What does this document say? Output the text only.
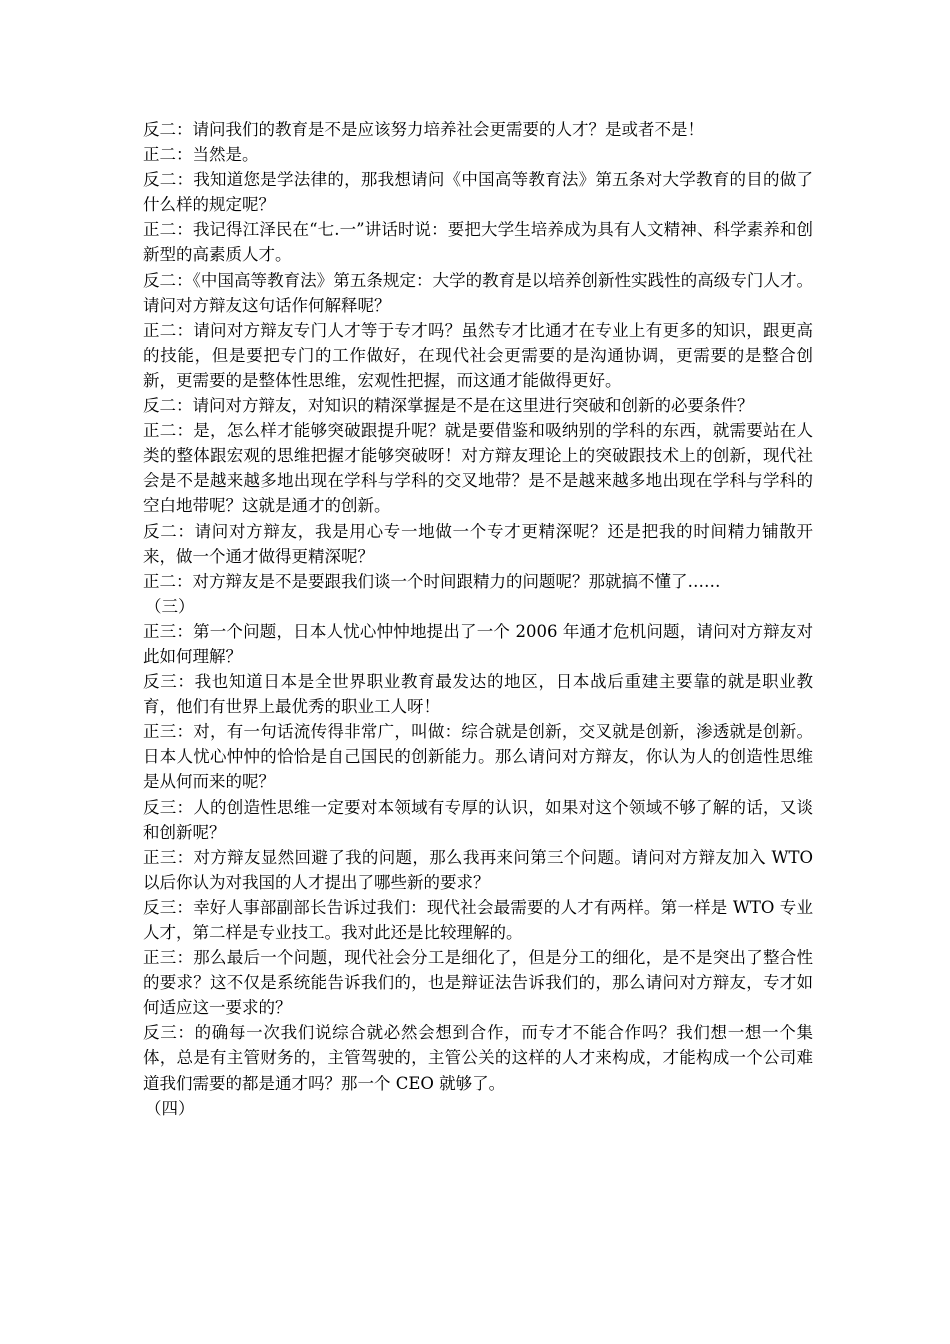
反二：请问我们的教育是不是应该努力培养社会更需要的人才？是或者不是！

正二：当然是。

反二：我知道您是学法律的，那我想请问《中国高等教育法》第五条对大学教育的目的做了什么样的规定呢？

正二：我记得江泽民在“七.一”讲话时说：要把大学生培养成为具有人文精神、科学素养和创新型的高素质人才。

反二：《中国高等教育法》第五条规定：大学的教育是以培养创新性实践性的高级专门人才。请问对方辩友这句话作何解释呢？

正二：请问对方辩友专门人才等于专才吗？虽然专才比通才在专业上有更多的知识，跟更高的技能，但是要把专门的工作做好，在现代社会更需要的是沟通协调，更需要的是整合创新，更需要的是整体性思维，宏观性把握，而这通才能做得更好。

反二：请问对方辩友，对知识的精深掌握是不是在这里进行突破和创新的必要条件？

正二：是，怎么样才能够突破跟提升呢？就是要借鉴和吸纳别的学科的东西，就需要站在人类的整体跟宏观的思维把握才能够突破呀！对方辩友理论上的突破跟技术上的创新，现代社会是不是越来越多地出现在学科与学科的交叉地带？是不是越来越多地出现在学科与学科的空白地带呢？这就是通才的创新。

反二：请问对方辩友，我是用心专一地做一个专才更精深呢？还是把我的时间精力铺散开来，做一个通才做得更精深呢？

正二：对方辩友是不是要跟我们谈一个时间跟精力的问题呢？那就搞不懂了……

（三）

正三：第一个问题，日本人忧心忡忡地提出了一个 2006 年通才危机问题，请问对方辩友对此如何理解？

反三：我也知道日本是全世界职业教育最发达的地区，日本战后重建主要靠的就是职业教育，他们有世界上最优秀的职业工人呀！

正三：对，有一句话流传得非常广，叫做：综合就是创新，交叉就是创新，渗透就是创新。日本人忧心忡忡的恰恰是自己国民的创新能力。那么请问对方辩友，你认为人的创造性思维是从何而来的呢？

反三：人的创造性思维一定要对本领域有专厚的认识，如果对这个领域不够了解的话，又谈和创新呢？

正三：对方辩友显然回避了我的问题，那么我再来问第三个问题。请问对方辩友加入 WTO 以后你认为对我国的人才提出了哪些新的要求？

反三：幸好人事部副部长告诉过我们：现代社会最需要的人才有两样。第一样是 WTO 专业人才，第二样是专业技工。我对此还是比较理解的。

正三：那么最后一个问题，现代社会分工是细化了，但是分工的细化，是不是突出了整合性的要求？这不仅是系统能告诉我们的，也是辩证法告诉我们的，那么请问对方辩友，专才如何适应这一要求的？

反三：的确每一次我们说综合就必然会想到合作，而专才不能合作吗？我们想一想一个集体，总是有主管财务的，主管驾驶的，主管公关的这样的人才来构成，才能构成一个公司难道我们需要的都是通才吗？那一个 CEO 就够了。

（四）
